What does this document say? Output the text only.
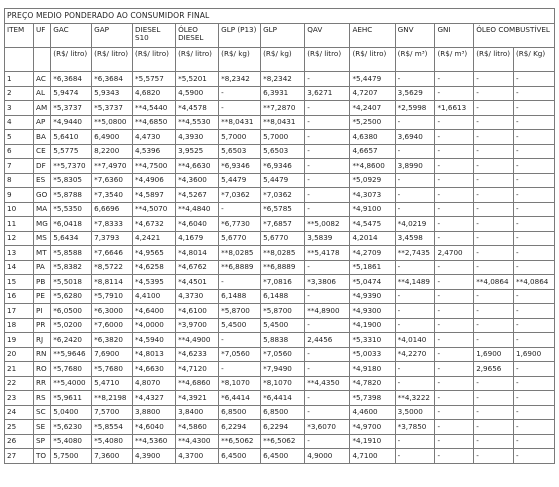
PREÇO MEDIO PONDERADO AO CONSUMIDOR FINAL													
ITEM	UF	GAC	GAP	DIESEL S10	ÓLEO DIESEL	GLP (P13)	GLP	QAV	AEHC	GNV	GNI	ÓLEO COMBUSTÍVEL	
		(R$/ litro)	(R$/ litro)	(R$/ litro)	(R$/ litro)	(R$/ kg)	(R$/ kg)	(R$/ litro)	(R$/ litro)	(R$/ m³)	(R$/ m³)	(R$/ litro)	(R$/ Kg)
1	AC	*6,3684	*6,3684	*5,5757	*5,5201	*8,2342	*8,2342	-	*5,4479	-	-	-	-
2	AL	5,9474	5,9343	4,6820	4,5900	-	6,3931	3,6271	4,7207	3,5629	-	-	-
3	AM	*5,3737	*5,3737	**4,5440	*4,4578	-	**7,2870	-	*4,2407	*2,5998	*1,6613	-	-
4	AP	*4,9440	**5,0800	**4,6850	**4,5530	**8,0431	**8,0431	-	*5,2500	-	-	-	-
5	BA	5,6410	6,4900	4,4730	4,3930	5,7000	5,7000	-	4,6380	3,6940	-	-	-
6	CE	5,5775	8,2200	4,5396	3,9525	5,6503	5,6503	-	4,6657	-	-	-	-
7	DF	**5,7370	**7,4970	**4,7500	**4,6630	*6,9346	*6,9346	-	**4,8600	3,8990	-	-	-
8	ES	*5,8305	*7,6360	*4,4906	*4,3600	5,4479	5,4479	-	*5,0929	-	-	-	-
9	GO	*5,8788	*7,3540	*4,5897	*4,5267	*7,0362	*7,0362	-	*4,3073	-	-	-	-
10	MA	*5,5350	6,6696	**4,5070	**4,4840	-	*6,5785	-	*4,9100	-	-	-	-
11	MG	*6,0418	*7,8333	*4,6732	*4,6040	*6,7730	*7,6857	**5,0082	*4,5475	*4,0219	-	-	-
12	MS	5,6434	7,3793	4,2421	4,1679	5,6770	5,6770	3,5839	4,2014	3,4598	-	-	-
13	MT	*5,8588	*7,6646	*4,9565	*4,8014	**8,0285	**8,0285	**5,4178	*4,2709	**2,7435	2,4700	-	-
14	PA	*5,8382	*8,5722	*4,6258	*4,6762	**6,8889	**6,8889	-	*5,1861	-	-	-	-
15	PB	*5,5018	*8,8114	*4,5395	*4,4501	-	*7,0816	*3,3806	*5,0474	**4,1489	-	**4,0864	**4,0864
16	PE	*5,6280	*5,7910	4,4100	4,3730	6,1488	6,1488	-	*4,9390	-	-	-	-
17	PI	*6,0500	*6,3000	*4,6400	*4,6100	*5,8700	*5,8700	**4,8900	*4,9300	-	-	-	-
18	PR	*5,0200	*7,6000	*4,0000	*3,9700	5,4500	5,4500	-	*4,1900	-	-	-	-
19	RJ	*6,2420	*6,3820	*4,5940	**4,4900	-	5,8838	2,4456	*5,3310	*4,0140	-	-	-
20	RN	**5,9646	7,6900	*4,8013	*4,6233	*7,0560	*7,0560	-	*5,0033	*4,2270	-	1,6900	1,6900
21	RO	*5,7680	*5,7680	*4,6630	*4,7120	-	*7,9490	-	*4,9180	-	-	2,9656	-
22	RR	**5,4000	5,4710	4,8070	**4,6860	*8,1070	*8,1070	**4,4350	*4,7820	-	-	-	-
23	RS	*5,9611	**8,2198	*4,4327	*4,3921	*6,4414	*6,4414	-	*5,7398	**4,3222	-	-	-
24	SC	5,0400	7,5700	3,8800	3,8400	6,8500	6,8500	-	4,4600	3,5000	-	-	-
25	SE	*5,6230	*5,8554	*4,6040	*4,5860	6,2294	6,2294	*3,6070	*4,9700	*3,7850	-	-	-
26	SP	*5,4080	*5,4080	**4,5360	**4,4300	**6,5062	**6,5062	-	*4,1910	-	-	-	-
27	TO	5,7500	7,3600	4,3900	4,3700	6,4500	6,4500	4,9000	4,7100	-	-	-	-
